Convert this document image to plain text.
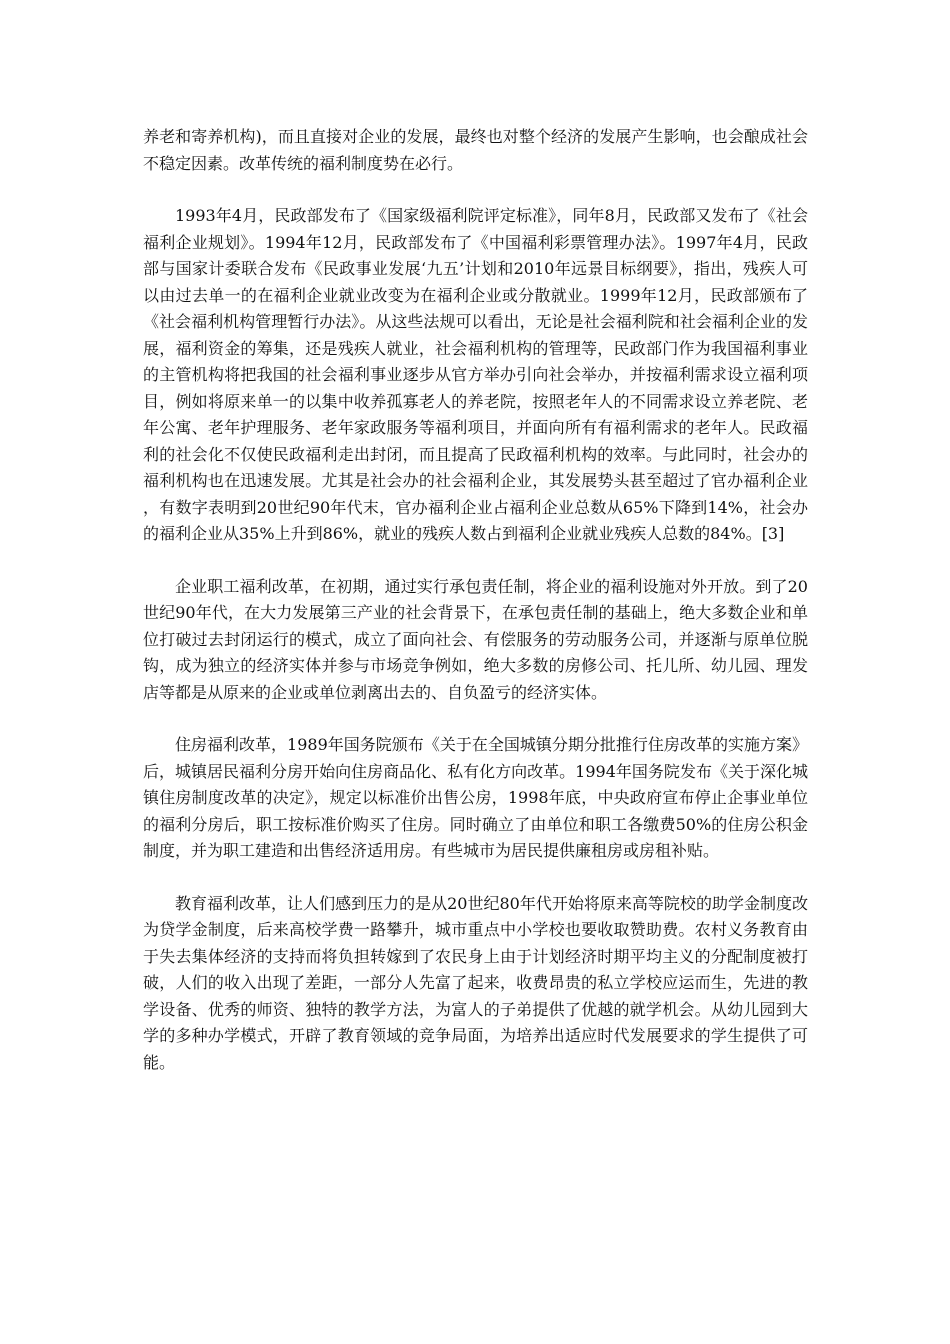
养老和寄养机构)，而且直接对企业的发展，最终也对整个经济的发展产生影响，也会酿成社会不稳定因素。改革传统的福利制度势在必行。

1993年4月，民政部发布了《国家级福利院评定标准》，同年8月，民政部又发布了《社会福利企业规划》。1994年12月，民政部发布了《中国福利彩票管理办法》。1997年4月，民政部与国家计委联合发布《民政事业发展‘九五’计划和2010年远景目标纲要》，指出，残疾人可以由过去单一的在福利企业就业改变为在福利企业或分散就业。1999年12月，民政部颁布了《社会福利机构管理暂行办法》。从这些法规可以看出，无论是社会福利院和社会福利企业的发展，福利资金的筹集，还是残疾人就业，社会福利机构的管理等，民政部门作为我国福利事业的主管机构将把我国的社会福利事业逐步从官方举办引向社会举办，并按福利需求设立福利项目，例如将原来单一的以集中收养孤寡老人的养老院，按照老年人的不同需求设立养老院、老年公寓、老年护理服务、老年家政服务等福利项目，并面向所有有福利需求的老年人。民政福利的社会化不仅使民政福利走出封闭，而且提高了民政福利机构的效率。与此同时，社会办的福利机构也在迅速发展。尤其是社会办的社会福利企业，其发展势头甚至超过了官办福利企业，有数字表明到20世纪90年代末，官办福利企业占福利企业总数从65%下降到14%，社会办的福利企业从35%上升到86%，就业的残疾人数占到福利企业就业残疾人总数的84%。[3]

企业职工福利改革，在初期，通过实行承包责任制，将企业的福利设施对外开放。到了20世纪90年代，在大力发展第三产业的社会背景下，在承包责任制的基础上，绝大多数企业和单位打破过去封闭运行的模式，成立了面向社会、有偿服务的劳动服务公司，并逐渐与原单位脱钩，成为独立的经济实体并参与市场竞争例如，绝大多数的房修公司、托儿所、幼儿园、理发店等都是从原来的企业或单位剥离出去的、自负盈亏的经济实体。

住房福利改革，1989年国务院颁布《关于在全国城镇分期分批推行住房改革的实施方案》后，城镇居民福利分房开始向住房商品化、私有化方向改革。1994年国务院发布《关于深化城镇住房制度改革的决定》，规定以标准价出售公房，1998年底，中央政府宣布停止企事业单位的福利分房后，职工按标准价购买了住房。同时确立了由单位和职工各缴费50%的住房公积金制度，并为职工建造和出售经济适用房。有些城市为居民提供廉租房或房租补贴。

教育福利改革，让人们感到压力的是从20世纪80年代开始将原来高等院校的助学金制度改为贷学金制度，后来高校学费一路攀升，城市重点中小学校也要收取赞助费。农村义务教育由于失去集体经济的支持而将负担转嫁到了农民身上由于计划经济时期平均主义的分配制度被打破，人们的收入出现了差距，一部分人先富了起来，收费昂贵的私立学校应运而生，先进的教学设备、优秀的师资、独特的教学方法，为富人的子弟提供了优越的就学机会。从幼儿园到大学的多种办学模式，开辟了教育领域的竞争局面，为培养出适应时代发展要求的学生提供了可能。
